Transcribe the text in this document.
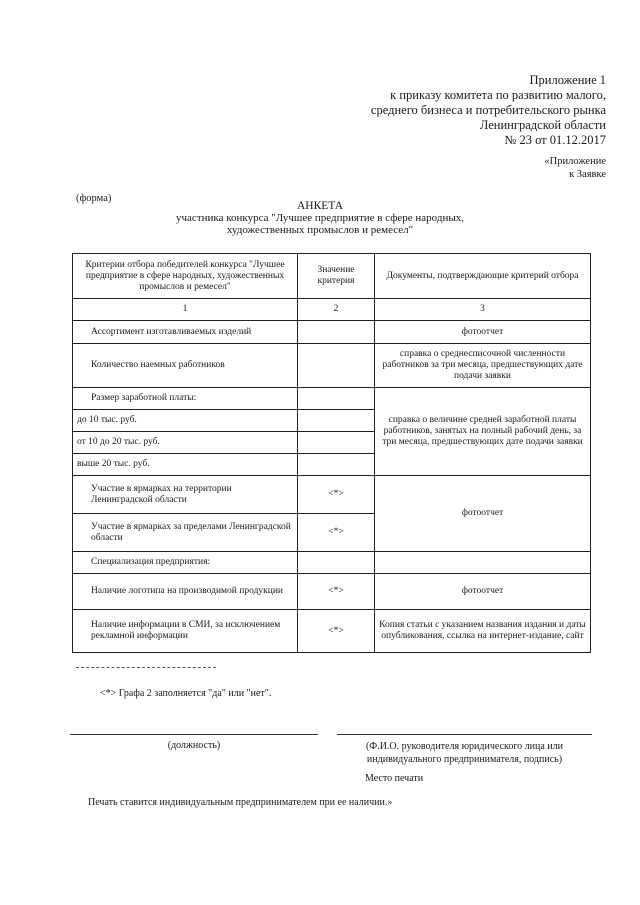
Приложение 1
к приказу комитета по развитию малого,
среднего бизнеса и потребительского рынка
Ленинградской области
№ 23 от 01.12.2017
«Приложение
к Заявке
(форма)
АНКЕТА
участника конкурса "Лучшее предприятие в сфере народных,
художественных промыслов и ремесел"
Критерии отбора победителей конкурса "Лучшее предприятие в сфере народных, художественных промыслов и ремесел"	Значение критерия	Документы, подтверждающие критерий отбора
1	2	3
Ассортимент изготавливаемых изделий		фотоотчет
Количество наемных работников		справка о среднесписочной численности работников за три месяца, предшествующих дате подачи заявки
Размер заработной платы:		справка о величине средней заработной платы работников, занятых на полный рабочий день, за три месяца, предшествующих дате подачи заявки
до 10 тыс. руб.		
от 10 до 20 тыс. руб.		
выше 20 тыс. руб.		
Участие в ярмарках на территории Ленинградской области	<*>	фотоотчет
Участие в ярмарках за пределами Ленинградской области	<*>	
Специализация предприятия:		
Наличие логотипа на производимой продукции	<*>	фотоотчет
Наличие информации в СМИ, за исключением рекламной информации	<*>	Копия статьи с указанием названия издания и даты опубликования, ссылка на интернет-издание, сайт
<*> Графа 2 заполняется "да" или "нет".
(должность)	(Ф.И.О. руководителя юридического лица или
индивидуального предпринимателя, подпись)
Место печати
Печать ставится индивидуальным предпринимателем при ее наличии.»
